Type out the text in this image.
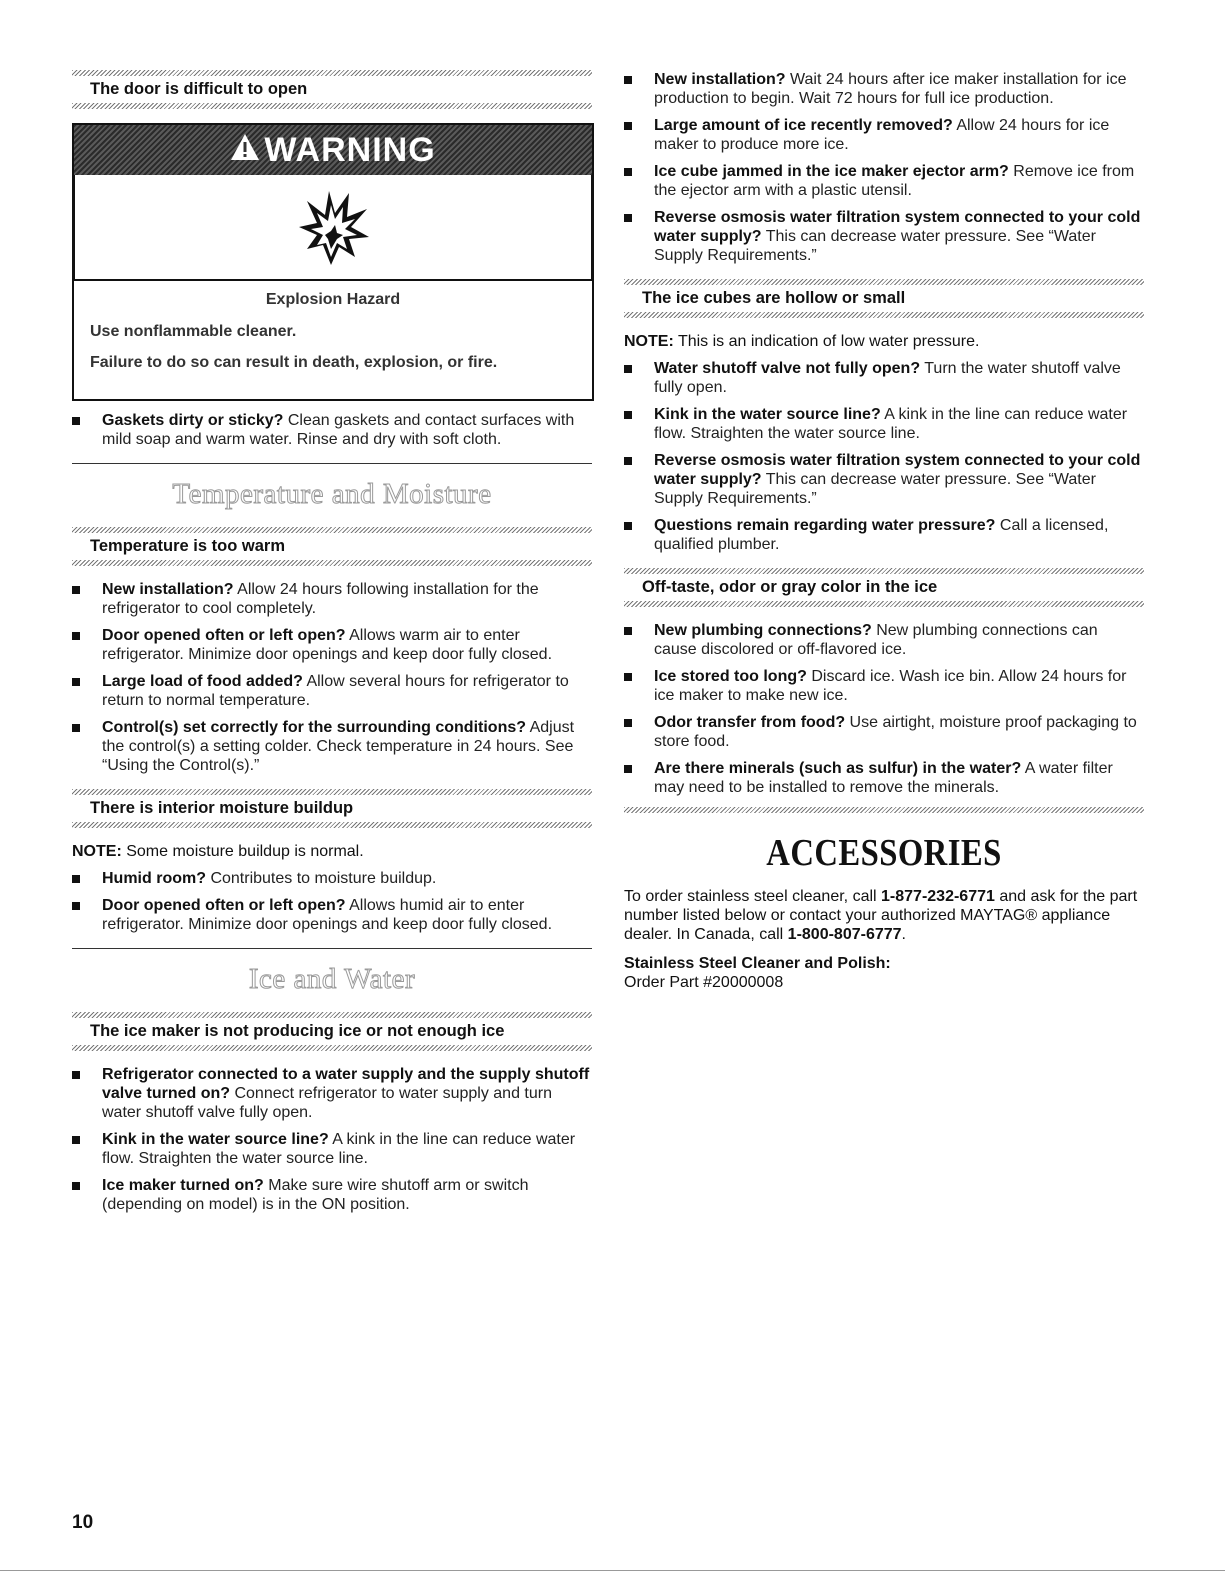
The door is difficult to open
WARNING
Explosion Hazard
Use nonflammable cleaner.
Failure to do so can result in death, explosion, or fire.
Gaskets dirty or sticky? Clean gaskets and contact surfaces with mild soap and warm water. Rinse and dry with soft cloth.
Temperature and Moisture
Temperature is too warm
New installation? Allow 24 hours following installation for the refrigerator to cool completely.
Door opened often or left open? Allows warm air to enter refrigerator. Minimize door openings and keep door fully closed.
Large load of food added? Allow several hours for refrigerator to return to normal temperature.
Control(s) set correctly for the surrounding conditions? Adjust the control(s) a setting colder. Check temperature in 24 hours. See “Using the Control(s).”
There is interior moisture buildup

NOTE: Some moisture buildup is normal.

Humid room? Contributes to moisture buildup.
Door opened often or left open? Allows humid air to enter refrigerator. Minimize door openings and keep door fully closed.
Ice and Water
The ice maker is not producing ice or not enough ice
Refrigerator connected to a water supply and the supply shutoff valve turned on? Connect refrigerator to water supply and turn water shutoff valve fully open.
Kink in the water source line? A kink in the line can reduce water flow. Straighten the water source line.
Ice maker turned on? Make sure wire shutoff arm or switch (depending on model) is in the ON position.
New installation? Wait 24 hours after ice maker installation for ice production to begin. Wait 72 hours for full ice production.
Large amount of ice recently removed? Allow 24 hours for ice maker to produce more ice.
Ice cube jammed in the ice maker ejector arm? Remove ice from the ejector arm with a plastic utensil.
Reverse osmosis water filtration system connected to your cold water supply? This can decrease water pressure. See “Water Supply Requirements.”
The ice cubes are hollow or small

NOTE: This is an indication of low water pressure.

Water shutoff valve not fully open? Turn the water shutoff valve fully open.
Kink in the water source line? A kink in the line can reduce water flow. Straighten the water source line.
Reverse osmosis water filtration system connected to your cold water supply? This can decrease water pressure. See “Water Supply Requirements.”
Questions remain regarding water pressure? Call a licensed, qualified plumber.
Off-taste, odor or gray color in the ice
New plumbing connections? New plumbing connections can cause discolored or off-flavored ice.
Ice stored too long? Discard ice. Wash ice bin. Allow 24 hours for ice maker to make new ice.
Odor transfer from food? Use airtight, moisture proof packaging to store food.
Are there minerals (such as sulfur) in the water? A water filter may need to be installed to remove the minerals.
ACCESSORIES

To order stainless steel cleaner, call 1-877-232-6771 and ask for the part number listed below or contact your authorized MAYTAG® appliance dealer. In Canada, call 1-800-807-6777.

Stainless Steel Cleaner and Polish:
Order Part #20000008

10
